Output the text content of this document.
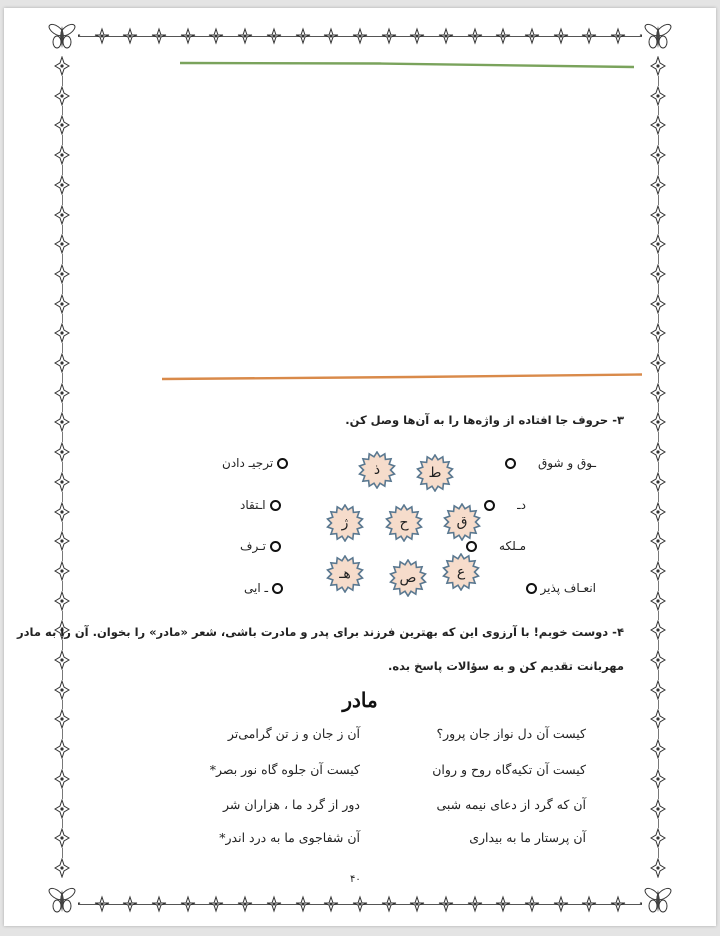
۳- حروف جا افتاده از واژه‌ها را به آن‌ها وصل کن.
ـوق و شوق
دـ
مـلکه
انعـاف پذیر
ترجیـ دادن
اـتقاد
تـرف
ـ ایی
ذ	ط
ژ	ح	ق
هـ	ص	ع
۴- دوست خوبم! با آرزوی این که بهترین فرزند برای پدر و مادرت باشی، شعر «مادر» را بخوان. آن را به مادر
مهربانت تقدیم کن و به سؤالات پاسخ بده.
مادر
کیست آن دل نواز جان پرور؟
آن ز جان و ز تن گرامی‌تر
کیست آن تکیه‌گاه روح و روان
کیست آن جلوه گاه نور بصر*
آن که گرد از دعای نیمه شبی
دور از گرد ما ، هزاران شر
آن پرستار ما به بیداری
آن شفاجوی ما به درد اندر*
۴۰
